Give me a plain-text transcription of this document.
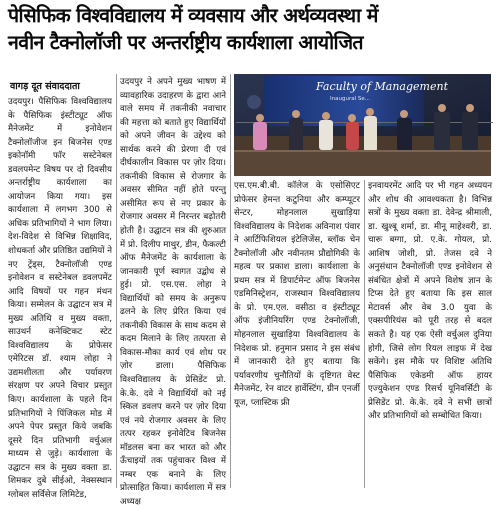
पेसिफिक विश्वविद्यालय में व्यवसाय और अर्थव्यवस्था में
नवीन टैक्नोलॉजी पर अन्तर्राष्ट्रीय कार्यशाला आयोजित
वागड़ दूत संवाददाता

उदयपुर। पैसिफिक विश्वविद्यालय के पैसिफिक इंस्टीट्यूट ऑफ मैनेजमेंट में इनोवेशन टैक्नोलॉजीज इन बिजनेस एण्ड इकोनॉमी फॉर सस्टेनेबल डवलपमेन्ट विषय पर दो दिवसीय अन्तर्राष्ट्रीय कार्यशाला का आयोजन किया गया। इस कार्यशाला में लगभग 300 से अधिक प्रतिभागियों ने भाग लिया। देश-विदेश से विभिन्न शिक्षाविद, शोधकर्ता और प्रतिष्ठित उद्यमियों ने नए ट्रेंड्स, टैक्नोलॉजी एण्ड इनोवेशन व सस्टेनेबल डवलपमेंट आदि विषयों पर गहन मंथन किया। सम्मेलन के उद्घाटन सत्र में मुख्य अतिथि व मुख्य वक्ता, साउथर्न कनेक्टिकट स्टेट विश्वविद्यालय के प्रोफेसर एमेरिटस डॉ. श्याम लोहा ने उद्यमशीलता और पर्यावरण संरक्षण पर अपने विचार प्रस्तुत किए। कार्यशाला के पहले दिन प्रतिभागियों ने पिंजिकल मोड में अपने पेपर प्रस्तुत किये जबकि दूसरे दिन प्रतिभागी वर्चुअल माध्यम से जुड़े। कार्यशाला के उद्घाटन सत्र के मुख्य वक्ता डा. शिमकर दुबे सीईओ, नेक्सस्थान ग्लोबल सर्विसेज लिमिटेड,

उदयपुर ने अपने मुख्य भाषण में व्यावहारिक उदाहरण के द्वारा आने वाले समय में तकनीकी नवाचार की महत्ता को बताते हुए विद्यार्थियों को अपने जीवन के उद्देश्य को सार्थक करने की प्रेरणा दी एवं दीर्घकालीन विकास पर ज़ोर दिया। तकनीकी विकास से रोजगार के अवसर सीमित नहीं होते परन्तु असीमित रूप से नए प्रकार के रोजगार अवसर में निरन्तर बढ़ोतरी होती है। उद्घाटन सत्र की शुरुआत में प्रो. दिलीप माथुर, डीन, फैकल्टी ऑफ मैनेजमेंट के कार्यशाला के जानकारी पूर्ण स्वागत उद्बोध से हुई। प्रो. एस.एस. लोहा ने विद्यार्थियों को समय के अनुरूप ढलने के लिए प्रेरित किया एवं तकनीकी विकास के साथ कदम से कदम मिलाने के लिए तत्परता से विकास-मौका कार्य एवं शोध पर ज़ोर डाला। पैसिफिक विश्वविद्यालय के प्रेसिडेंट प्रो. के.के. दवे ने विद्यार्थियों को नई स्किल डवलप करने पर ज़ोर दिया एवं नये रोजगार अवसर के लिए तत्पर रहकर इनोवेटिव बिजनेस मॉडलस बना कर भारत को और ऊँचाइयों तक पहुंचाकर विश्व में नम्बर एक बनाने के लिए प्रोत्साहित किया। कार्यशाला में सत्र अध्यक्ष

Faculty of Management
Inaugural Se...

एस.एम.बी.बी. कॉलेज के एसोसिएट प्रोफेसर हेमन्त कटुनिया और कम्प्यूटर सेन्टर, मोहनलाल सुखाड़िया विश्वविद्यालय के निदेशक अविनाश पंवार ने आर्टिफिशियल इंटेलिजेंस, ब्लॉक चेन टैक्नोलॉजी और नवीनतम प्रौद्योगिकी के महत्व पर प्रकाश डाला। कार्यशाला के प्रथम सत्र में डिपार्टमेन्ट ऑफ बिजनेस एडमिनिस्ट्रेशन, राजस्थान विश्वविद्यालय के प्रो. एम.एल. वसीठा व इंस्टीट्यूट ऑफ इंजीनियरिंग एण्ड टेक्नोलॉजी, मोहनलाल सुखाड़िया विश्वविद्यालय के निदेशक प्रो. हनुमान प्रसाद ने इस संबंध में जानकारी देते हुए बताया कि पर्यावरणीय चुनौतियों के दृष्टिगत वेस्ट मैनेजमेंट, रेन वाटर हार्वेस्टिंग, ग्रीन एनर्जी यूज, प्लास्टिक फ्री

इनवायरमेंट आदि पर भी गहन अध्ययन और शोध की आवश्यकता है। विभिन्न सत्रों के मुख्य वक्ता डा. देवेन्द्र श्रीमाली, डा. खुश्बू शर्मा, डा. मीनू माहेश्वरी, डा. चारू बग्गा, प्रो. ए.के. गोयल, प्रो. आशिष जोशी, प्रो. तेजस दवे ने अनुसंधान टैक्नोलॉजी एण्ड इनोवेशन से संबंधित क्षेत्रों में अपने विशेष ज्ञान के टिप्स देते हुए बताया कि इस साल मेटावर्स और वेब 3.0 युवा के एक्सपीरियंस को पूरी तरह से बदल सकते है। यह एक ऐसी वर्चुअल दुनिया होगी, जिसे लोग रियल लाइफ में देख सकेंगे। इस मौके पर विशिष्ट अतिथि पैसिफिक एकेडमी ऑफ हायर एज्युकेशन एण्ड रिसर्च यूनिवर्सिटी के प्रेसिडेंट प्रो. के.के. दवे ने सभी छात्रों और प्रतिभागियों को सम्बोधित किया।
